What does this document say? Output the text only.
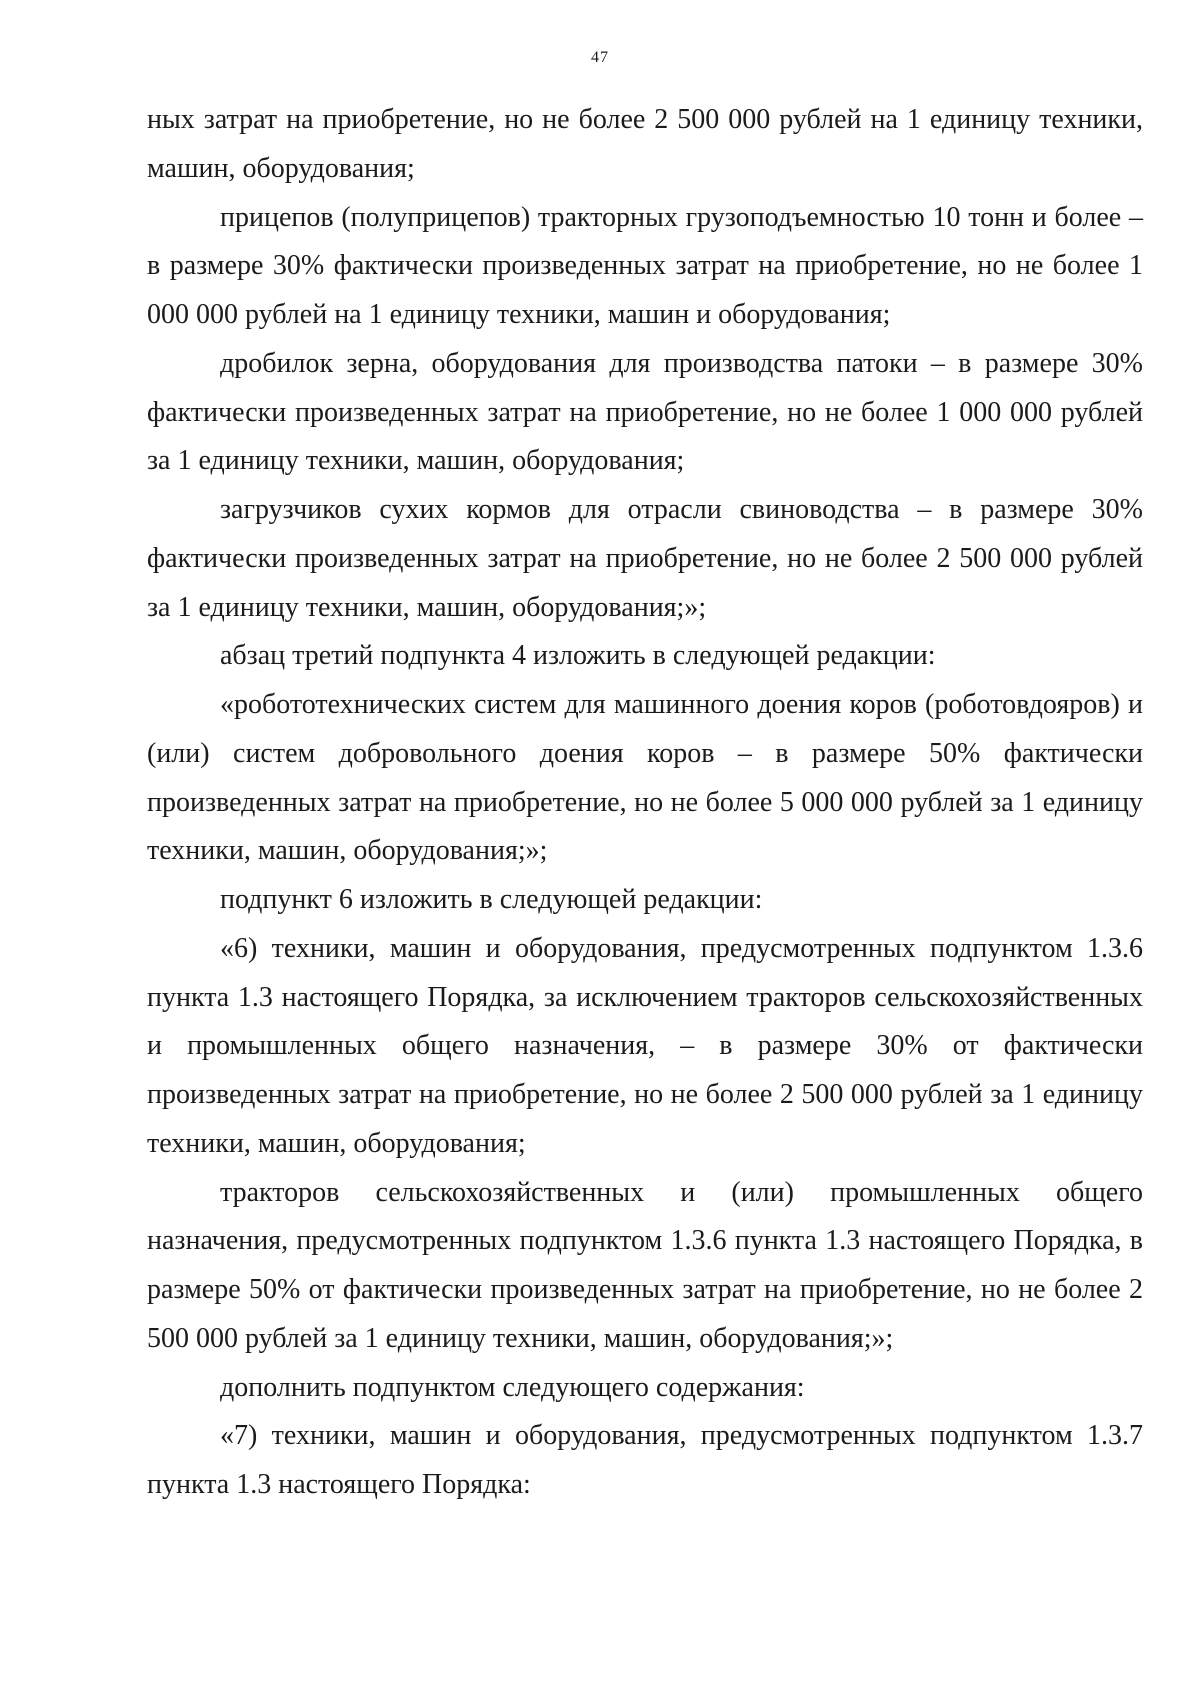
47

ных затрат на приобретение, но не более 2 500 000 рублей на 1 единицу техники, машин, оборудования;

прицепов (полуприцепов) тракторных грузоподъемностью 10 тонн и более – в размере 30% фактически произведенных затрат на приобретение, но не более 1 000 000 рублей на 1 единицу техники, машин и оборудования;

дробилок зерна, оборудования для производства патоки – в размере 30% фактически произведенных затрат на приобретение, но не более 1 000 000 рублей за 1 единицу техники, машин, оборудования;

загрузчиков сухих кормов для отрасли свиноводства – в размере 30% фактически произведенных затрат на приобретение, но не более 2 500 000 рублей за 1 единицу техники, машин, оборудования;»;

абзац третий подпункта 4 изложить в следующей редакции:

«робототехнических систем для машинного доения коров (роботовдояров) и (или) систем добровольного доения коров – в размере 50% фактически произведенных затрат на приобретение, но не более 5 000 000 рублей за 1 единицу техники, машин, оборудования;»;

подпункт 6 изложить в следующей редакции:

«6) техники, машин и оборудования, предусмотренных подпунктом 1.3.6 пункта 1.3 настоящего Порядка, за исключением тракторов сельскохозяйственных и промышленных общего назначения, – в размере 30% от фактически произведенных затрат на приобретение, но не более 2 500 000 рублей за 1 единицу техники, машин, оборудования;

тракторов сельскохозяйственных и (или) промышленных общего назначения, предусмотренных подпунктом 1.3.6 пункта 1.3 настоящего Порядка, в размере 50% от фактически произведенных затрат на приобретение, но не более 2 500 000 рублей за 1 единицу техники, машин, оборудования;»;

дополнить подпунктом следующего содержания:

«7) техники, машин и оборудования, предусмотренных подпунктом 1.3.7 пункта 1.3 настоящего Порядка:
